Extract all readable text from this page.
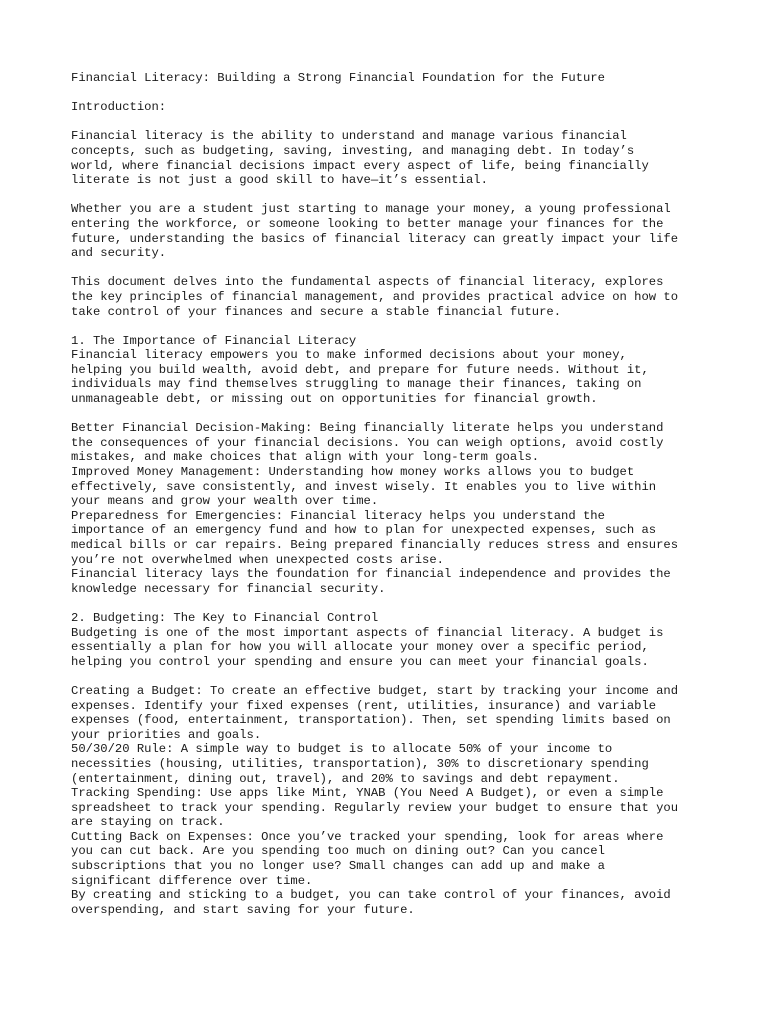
Financial Literacy: Building a Strong Financial Foundation for the Future
Introduction:
Financial literacy is the ability to understand and manage various financial
concepts, such as budgeting, saving, investing, and managing debt. In today’s
world, where financial decisions impact every aspect of life, being financially
literate is not just a good skill to have—it’s essential.
Whether you are a student just starting to manage your money, a young professional
entering the workforce, or someone looking to better manage your finances for the
future, understanding the basics of financial literacy can greatly impact your life
and security.
This document delves into the fundamental aspects of financial literacy, explores
the key principles of financial management, and provides practical advice on how to
take control of your finances and secure a stable financial future.
1. The Importance of Financial Literacy
Financial literacy empowers you to make informed decisions about your money,
helping you build wealth, avoid debt, and prepare for future needs. Without it,
individuals may find themselves struggling to manage their finances, taking on
unmanageable debt, or missing out on opportunities for financial growth.
Better Financial Decision-Making: Being financially literate helps you understand
the consequences of your financial decisions. You can weigh options, avoid costly
mistakes, and make choices that align with your long-term goals.
Improved Money Management: Understanding how money works allows you to budget
effectively, save consistently, and invest wisely. It enables you to live within
your means and grow your wealth over time.
Preparedness for Emergencies: Financial literacy helps you understand the
importance of an emergency fund and how to plan for unexpected expenses, such as
medical bills or car repairs. Being prepared financially reduces stress and ensures
you’re not overwhelmed when unexpected costs arise.
Financial literacy lays the foundation for financial independence and provides the
knowledge necessary for financial security.
2. Budgeting: The Key to Financial Control
Budgeting is one of the most important aspects of financial literacy. A budget is
essentially a plan for how you will allocate your money over a specific period,
helping you control your spending and ensure you can meet your financial goals.
Creating a Budget: To create an effective budget, start by tracking your income and
expenses. Identify your fixed expenses (rent, utilities, insurance) and variable
expenses (food, entertainment, transportation). Then, set spending limits based on
your priorities and goals.
50/30/20 Rule: A simple way to budget is to allocate 50% of your income to
necessities (housing, utilities, transportation), 30% to discretionary spending
(entertainment, dining out, travel), and 20% to savings and debt repayment.
Tracking Spending: Use apps like Mint, YNAB (You Need A Budget), or even a simple
spreadsheet to track your spending. Regularly review your budget to ensure that you
are staying on track.
Cutting Back on Expenses: Once you’ve tracked your spending, look for areas where
you can cut back. Are you spending too much on dining out? Can you cancel
subscriptions that you no longer use? Small changes can add up and make a
significant difference over time.
By creating and sticking to a budget, you can take control of your finances, avoid
overspending, and start saving for your future.
